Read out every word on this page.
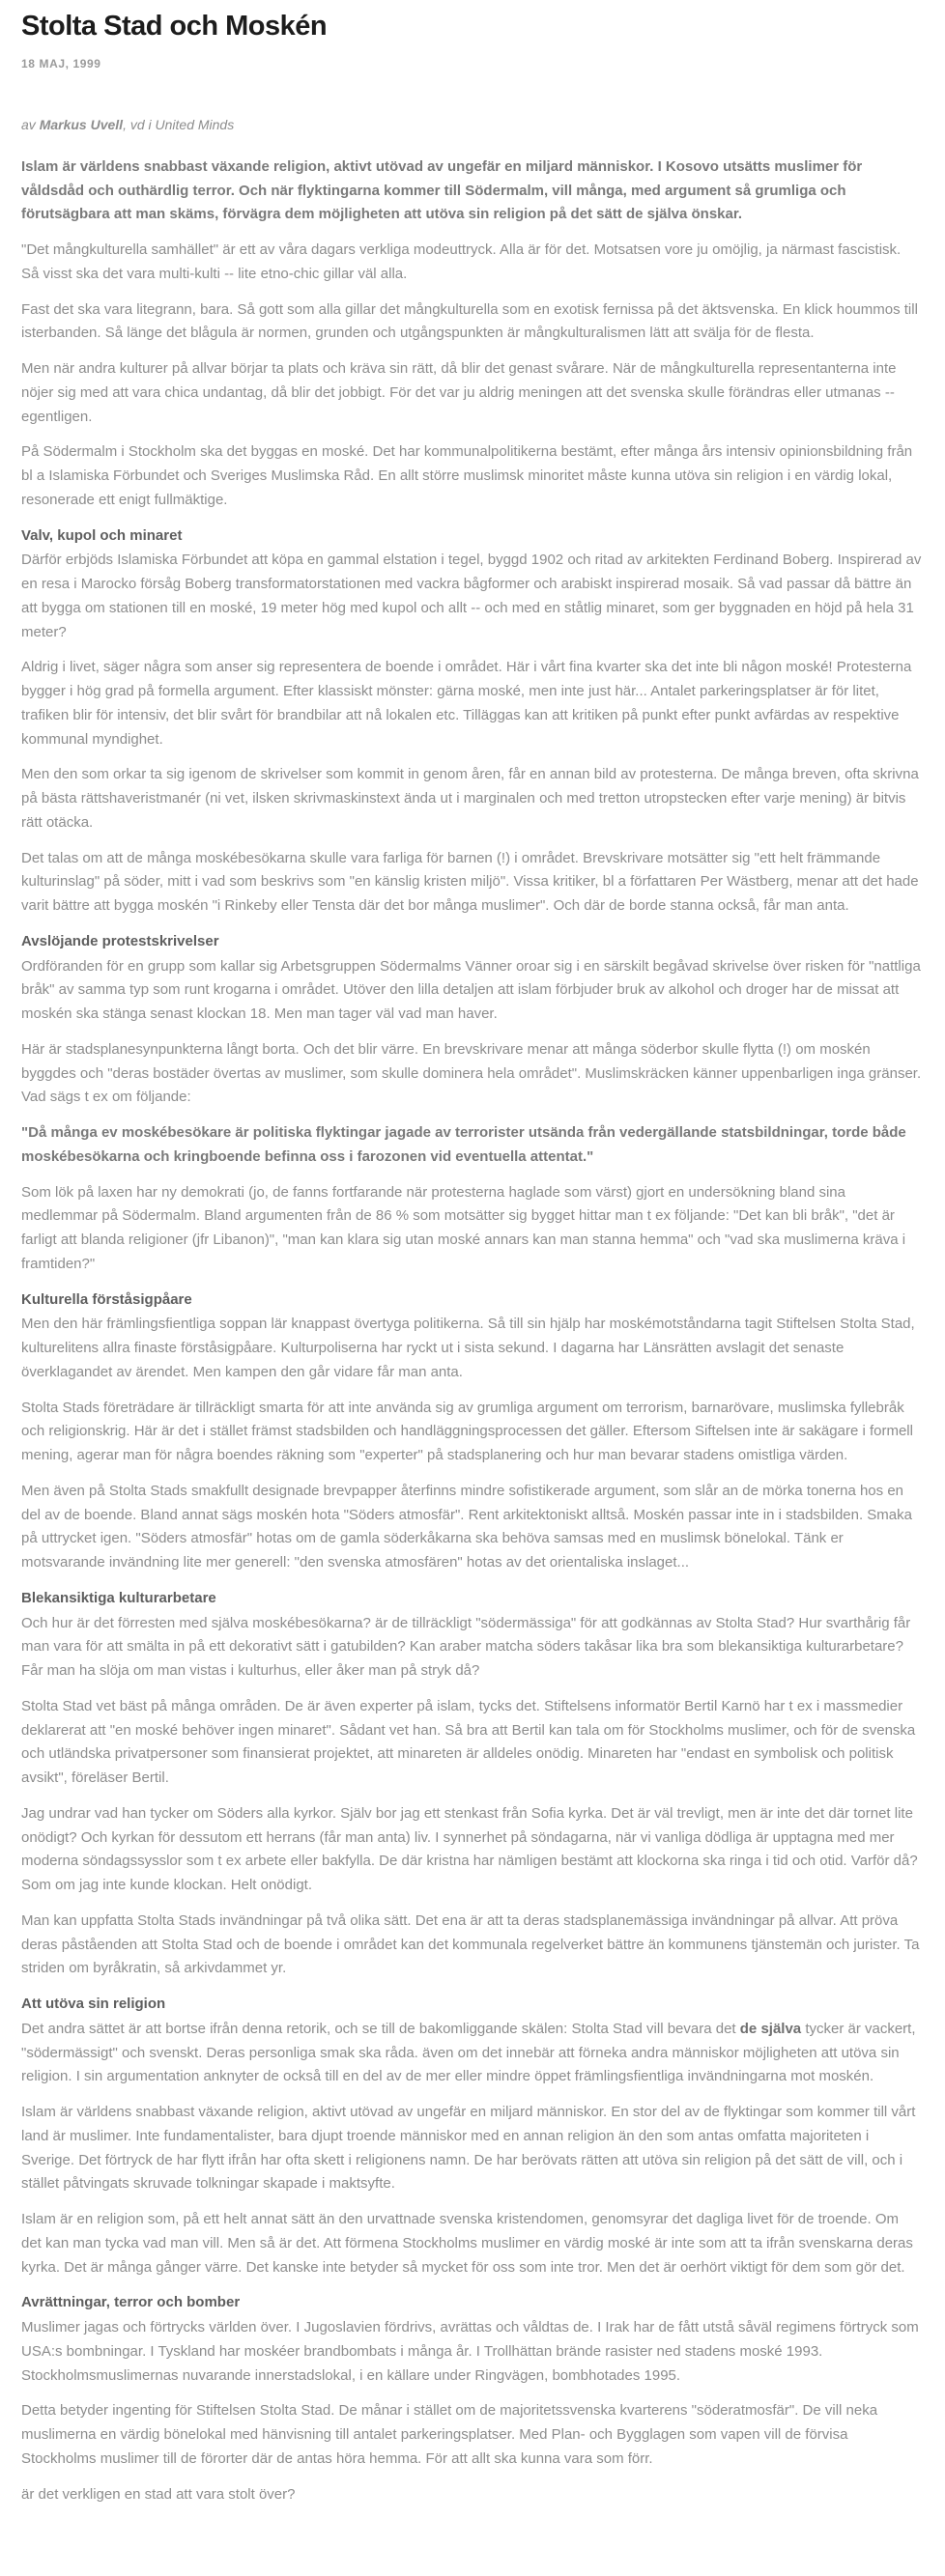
Stolta Stad och Moskén
18 MAJ, 1999
av Markus Uvell, vd i United Minds

Islam är världens snabbast växande religion, aktivt utövad av ungefär en miljard människor. I Kosovo utsätts muslimer för våldsdåd och outhärdlig terror. Och när flyktingarna kommer till Södermalm, vill många, med argument så grumliga och förutsägbara att man skäms, förvägra dem möjligheten att utöva sin religion på det sätt de själva önskar.

"Det mångkulturella samhället" är ett av våra dagars verkliga modeuttryck. Alla är för det. Motsatsen vore ju omöjlig, ja närmast fascistisk. Så visst ska det vara multi-kulti -- lite etno-chic gillar väl alla.

Fast det ska vara litegrann, bara. Så gott som alla gillar det mångkulturella som en exotisk fernissa på det äktsvenska. En klick hoummos till isterbanden. Så länge det blågula är normen, grunden och utgångspunkten är mångkulturalismen lätt att svälja för de flesta.

Men när andra kulturer på allvar börjar ta plats och kräva sin rätt, då blir det genast svårare. När de mångkulturella representanterna inte nöjer sig med att vara chica undantag, då blir det jobbigt. För det var ju aldrig meningen att det svenska skulle förändras eller utmanas -- egentligen.

På Södermalm i Stockholm ska det byggas en moské. Det har kommunalpolitikerna bestämt, efter många års intensiv opinionsbildning från bl a Islamiska Förbundet och Sveriges Muslimska Råd. En allt större muslimsk minoritet måste kunna utöva sin religion i en värdig lokal, resonerade ett enigt fullmäktige.

Valv, kupol och minaret

Därför erbjöds Islamiska Förbundet att köpa en gammal elstation i tegel, byggd 1902 och ritad av arkitekten Ferdinand Boberg. Inspirerad av en resa i Marocko försåg Boberg transformatorstationen med vackra bågformer och arabiskt inspirerad mosaik. Så vad passar då bättre än att bygga om stationen till en moské, 19 meter hög med kupol och allt -- och med en ståtlig minaret, som ger byggnaden en höjd på hela 31 meter?

Aldrig i livet, säger några som anser sig representera de boende i området. Här i vårt fina kvarter ska det inte bli någon moské! Protesterna bygger i hög grad på formella argument. Efter klassiskt mönster: gärna moské, men inte just här... Antalet parkeringsplatser är för litet, trafiken blir för intensiv, det blir svårt för brandbilar att nå lokalen etc. Tilläggas kan att kritiken på punkt efter punkt avfärdas av respektive kommunal myndighet.

Men den som orkar ta sig igenom de skrivelser som kommit in genom åren, får en annan bild av protesterna. De många breven, ofta skrivna på bästa rättshaveristmanér (ni vet, ilsken skrivmaskinstext ända ut i marginalen och med tretton utropstecken efter varje mening) är bitvis rätt otäcka.

Det talas om att de många moskébesökarna skulle vara farliga för barnen (!) i området. Brevskrivare motsätter sig "ett helt främmande kulturinslag" på söder, mitt i vad som beskrivs som "en känslig kristen miljö". Vissa kritiker, bl a författaren Per Wästberg, menar att det hade varit bättre att bygga moskén "i Rinkeby eller Tensta där det bor många muslimer". Och där de borde stanna också, får man anta.

Avslöjande protestskrivelser

Ordföranden för en grupp som kallar sig Arbetsgruppen Södermalms Vänner oroar sig i en särskilt begåvad skrivelse över risken för "nattliga bråk" av samma typ som runt krogarna i området. Utöver den lilla detaljen att islam förbjuder bruk av alkohol och droger har de missat att moskén ska stänga senast klockan 18. Men man tager väl vad man haver.

Här är stadsplanesynpunkterna långt borta. Och det blir värre. En brevskrivare menar att många söderbor skulle flytta (!) om moskén byggdes och "deras bostäder övertas av muslimer, som skulle dominera hela området". Muslimskräcken känner uppenbarligen inga gränser. Vad sägs t ex om följande:

"Då många ev moskébesökare är politiska flyktingar jagade av terrorister utsända från vedergällande statsbildningar, torde både moskébesökarna och kringboende befinna oss i farozonen vid eventuella attentat."

Som lök på laxen har ny demokrati (jo, de fanns fortfarande när protesterna haglade som värst) gjort en undersökning bland sina medlemmar på Södermalm. Bland argumenten från de 86 % som motsätter sig bygget hittar man t ex följande: "Det kan bli bråk", "det är farligt att blanda religioner (jfr Libanon)", "man kan klara sig utan moské annars kan man stanna hemma" och "vad ska muslimerna kräva i framtiden?"

Kulturella förståsigpåare

Men den här främlingsfientliga soppan lär knappast övertyga politikerna. Så till sin hjälp har moskémotståndarna tagit Stiftelsen Stolta Stad, kulturelitens allra finaste förståsigpåare. Kulturpoliserna har ryckt ut i sista sekund. I dagarna har Länsrätten avslagit det senaste överklagandet av ärendet. Men kampen den går vidare får man anta.

Stolta Stads företrädare är tillräckligt smarta för att inte använda sig av grumliga argument om terrorism, barnarövare, muslimska fyllebråk och religionskrig. Här är det i stället främst stadsbilden och handläggningsprocessen det gäller. Eftersom Siftelsen inte är sakägare i formell mening, agerar man för några boendes räkning som "experter" på stadsplanering och hur man bevarar stadens omistliga värden.

Men även på Stolta Stads smakfullt designade brevpapper återfinns mindre sofistikerade argument, som slår an de mörka tonerna hos en del av de boende. Bland annat sägs moskén hota "Söders atmosfär". Rent arkitektoniskt alltså. Moskén passar inte in i stadsbilden. Smaka på uttrycket igen. "Söders atmosfär" hotas om de gamla söderkåkarna ska behöva samsas med en muslimsk bönelokal. Tänk er motsvarande invändning lite mer generell: "den svenska atmosfären" hotas av det orientaliska inslaget...

Blekansiktiga kulturarbetare

Och hur är det förresten med själva moskébesökarna? är de tillräckligt "södermässiga" för att godkännas av Stolta Stad? Hur svarthårig får man vara för att smälta in på ett dekorativt sätt i gatubilden? Kan araber matcha söders takåsar lika bra som blekansiktiga kulturarbetare? Får man ha slöja om man vistas i kulturhus, eller åker man på stryk då?

Stolta Stad vet bäst på många områden. De är även experter på islam, tycks det. Stiftelsens informatör Bertil Karnö har t ex i massmedier deklarerat att "en moské behöver ingen minaret". Sådant vet han. Så bra att Bertil kan tala om för Stockholms muslimer, och för de svenska och utländska privatpersoner som finansierat projektet, att minareten är alldeles onödig. Minareten har "endast en symbolisk och politisk avsikt", föreläser Bertil.

Jag undrar vad han tycker om Söders alla kyrkor. Själv bor jag ett stenkast från Sofia kyrka. Det är väl trevligt, men är inte det där tornet lite onödigt? Och kyrkan för dessutom ett herrans (får man anta) liv. I synnerhet på söndagarna, när vi vanliga dödliga är upptagna med mer moderna söndagssysslor som t ex arbete eller bakfylla. De där kristna har nämligen bestämt att klockorna ska ringa i tid och otid. Varför då? Som om jag inte kunde klockan. Helt onödigt.

Man kan uppfatta Stolta Stads invändningar på två olika sätt. Det ena är att ta deras stadsplanemässiga invändningar på allvar. Att pröva deras påståenden att Stolta Stad och de boende i området kan det kommunala regelverket bättre än kommunens tjänstemän och jurister. Ta striden om byråkratin, så arkivdammet yr.

Att utöva sin religion

Det andra sättet är att bortse ifrån denna retorik, och se till de bakomliggande skälen: Stolta Stad vill bevara det de själva tycker är vackert, "södermässigt" och svenskt. Deras personliga smak ska råda. även om det innebär att förneka andra människor möjligheten att utöva sin religion. I sin argumentation anknyter de också till en del av de mer eller mindre öppet främlingsfientliga invändningarna mot moskén.

Islam är världens snabbast växande religion, aktivt utövad av ungefär en miljard människor. En stor del av de flyktingar som kommer till vårt land är muslimer. Inte fundamentalister, bara djupt troende människor med en annan religion än den som antas omfatta majoriteten i Sverige. Det förtryck de har flytt ifrån har ofta skett i religionens namn. De har berövats rätten att utöva sin religion på det sätt de vill, och i stället påtvingats skruvade tolkningar skapade i maktsyfte.

Islam är en religion som, på ett helt annat sätt än den urvattnade svenska kristendomen, genomsyrar det dagliga livet för de troende. Om det kan man tycka vad man vill. Men så är det. Att förmena Stockholms muslimer en värdig moské är inte som att ta ifrån svenskarna deras kyrka. Det är många gånger värre. Det kanske inte betyder så mycket för oss som inte tror. Men det är oerhört viktigt för dem som gör det.

Avrättningar, terror och bomber

Muslimer jagas och förtrycks världen över. I Jugoslavien fördrivs, avrättas och våldtas de. I Irak har de fått utstå såväl regimens förtryck som USA:s bombningar. I Tyskland har moskéer brandbombats i många år. I Trollhättan brände rasister ned stadens moské 1993. Stockholmsmuslimernas nuvarande innerstadslokal, i en källare under Ringvägen, bombhotades 1995.

Detta betyder ingenting för Stiftelsen Stolta Stad. De månar i stället om de majoritetssvenska kvarterens "söderatmosfär". De vill neka muslimerna en värdig bönelokal med hänvisning till antalet parkeringsplatser. Med Plan- och Bygglagen som vapen vill de förvisa Stockholms muslimer till de förorter där de antas höra hemma. För att allt ska kunna vara som förr.

är det verkligen en stad att vara stolt över?
